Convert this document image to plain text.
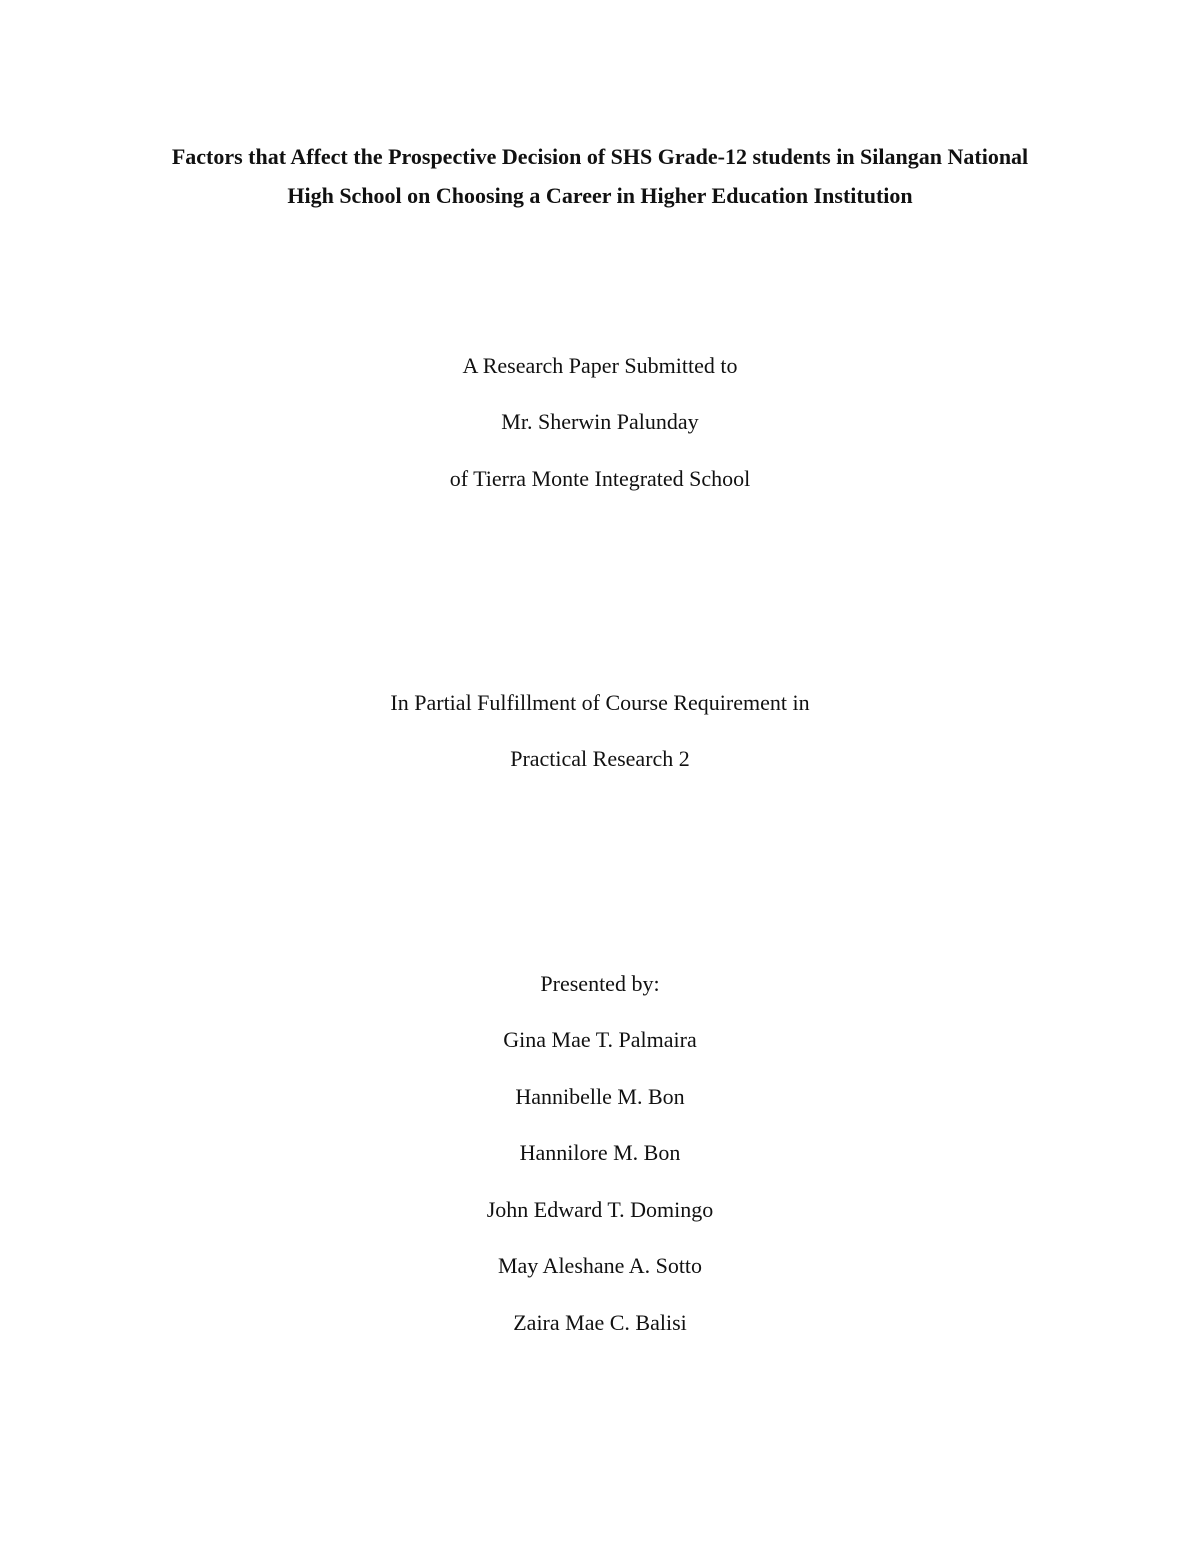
Factors that Affect the Prospective Decision of SHS Grade-12 students in Silangan National
High School on Choosing a Career in Higher Education Institution
A Research Paper Submitted to
Mr. Sherwin Palunday
of Tierra Monte Integrated School
In Partial Fulfillment of Course Requirement in
Practical Research 2
Presented by:
Gina Mae T. Palmaira
Hannibelle M. Bon
Hannilore M. Bon
John Edward T. Domingo
May Aleshane A. Sotto
Zaira Mae C. Balisi
